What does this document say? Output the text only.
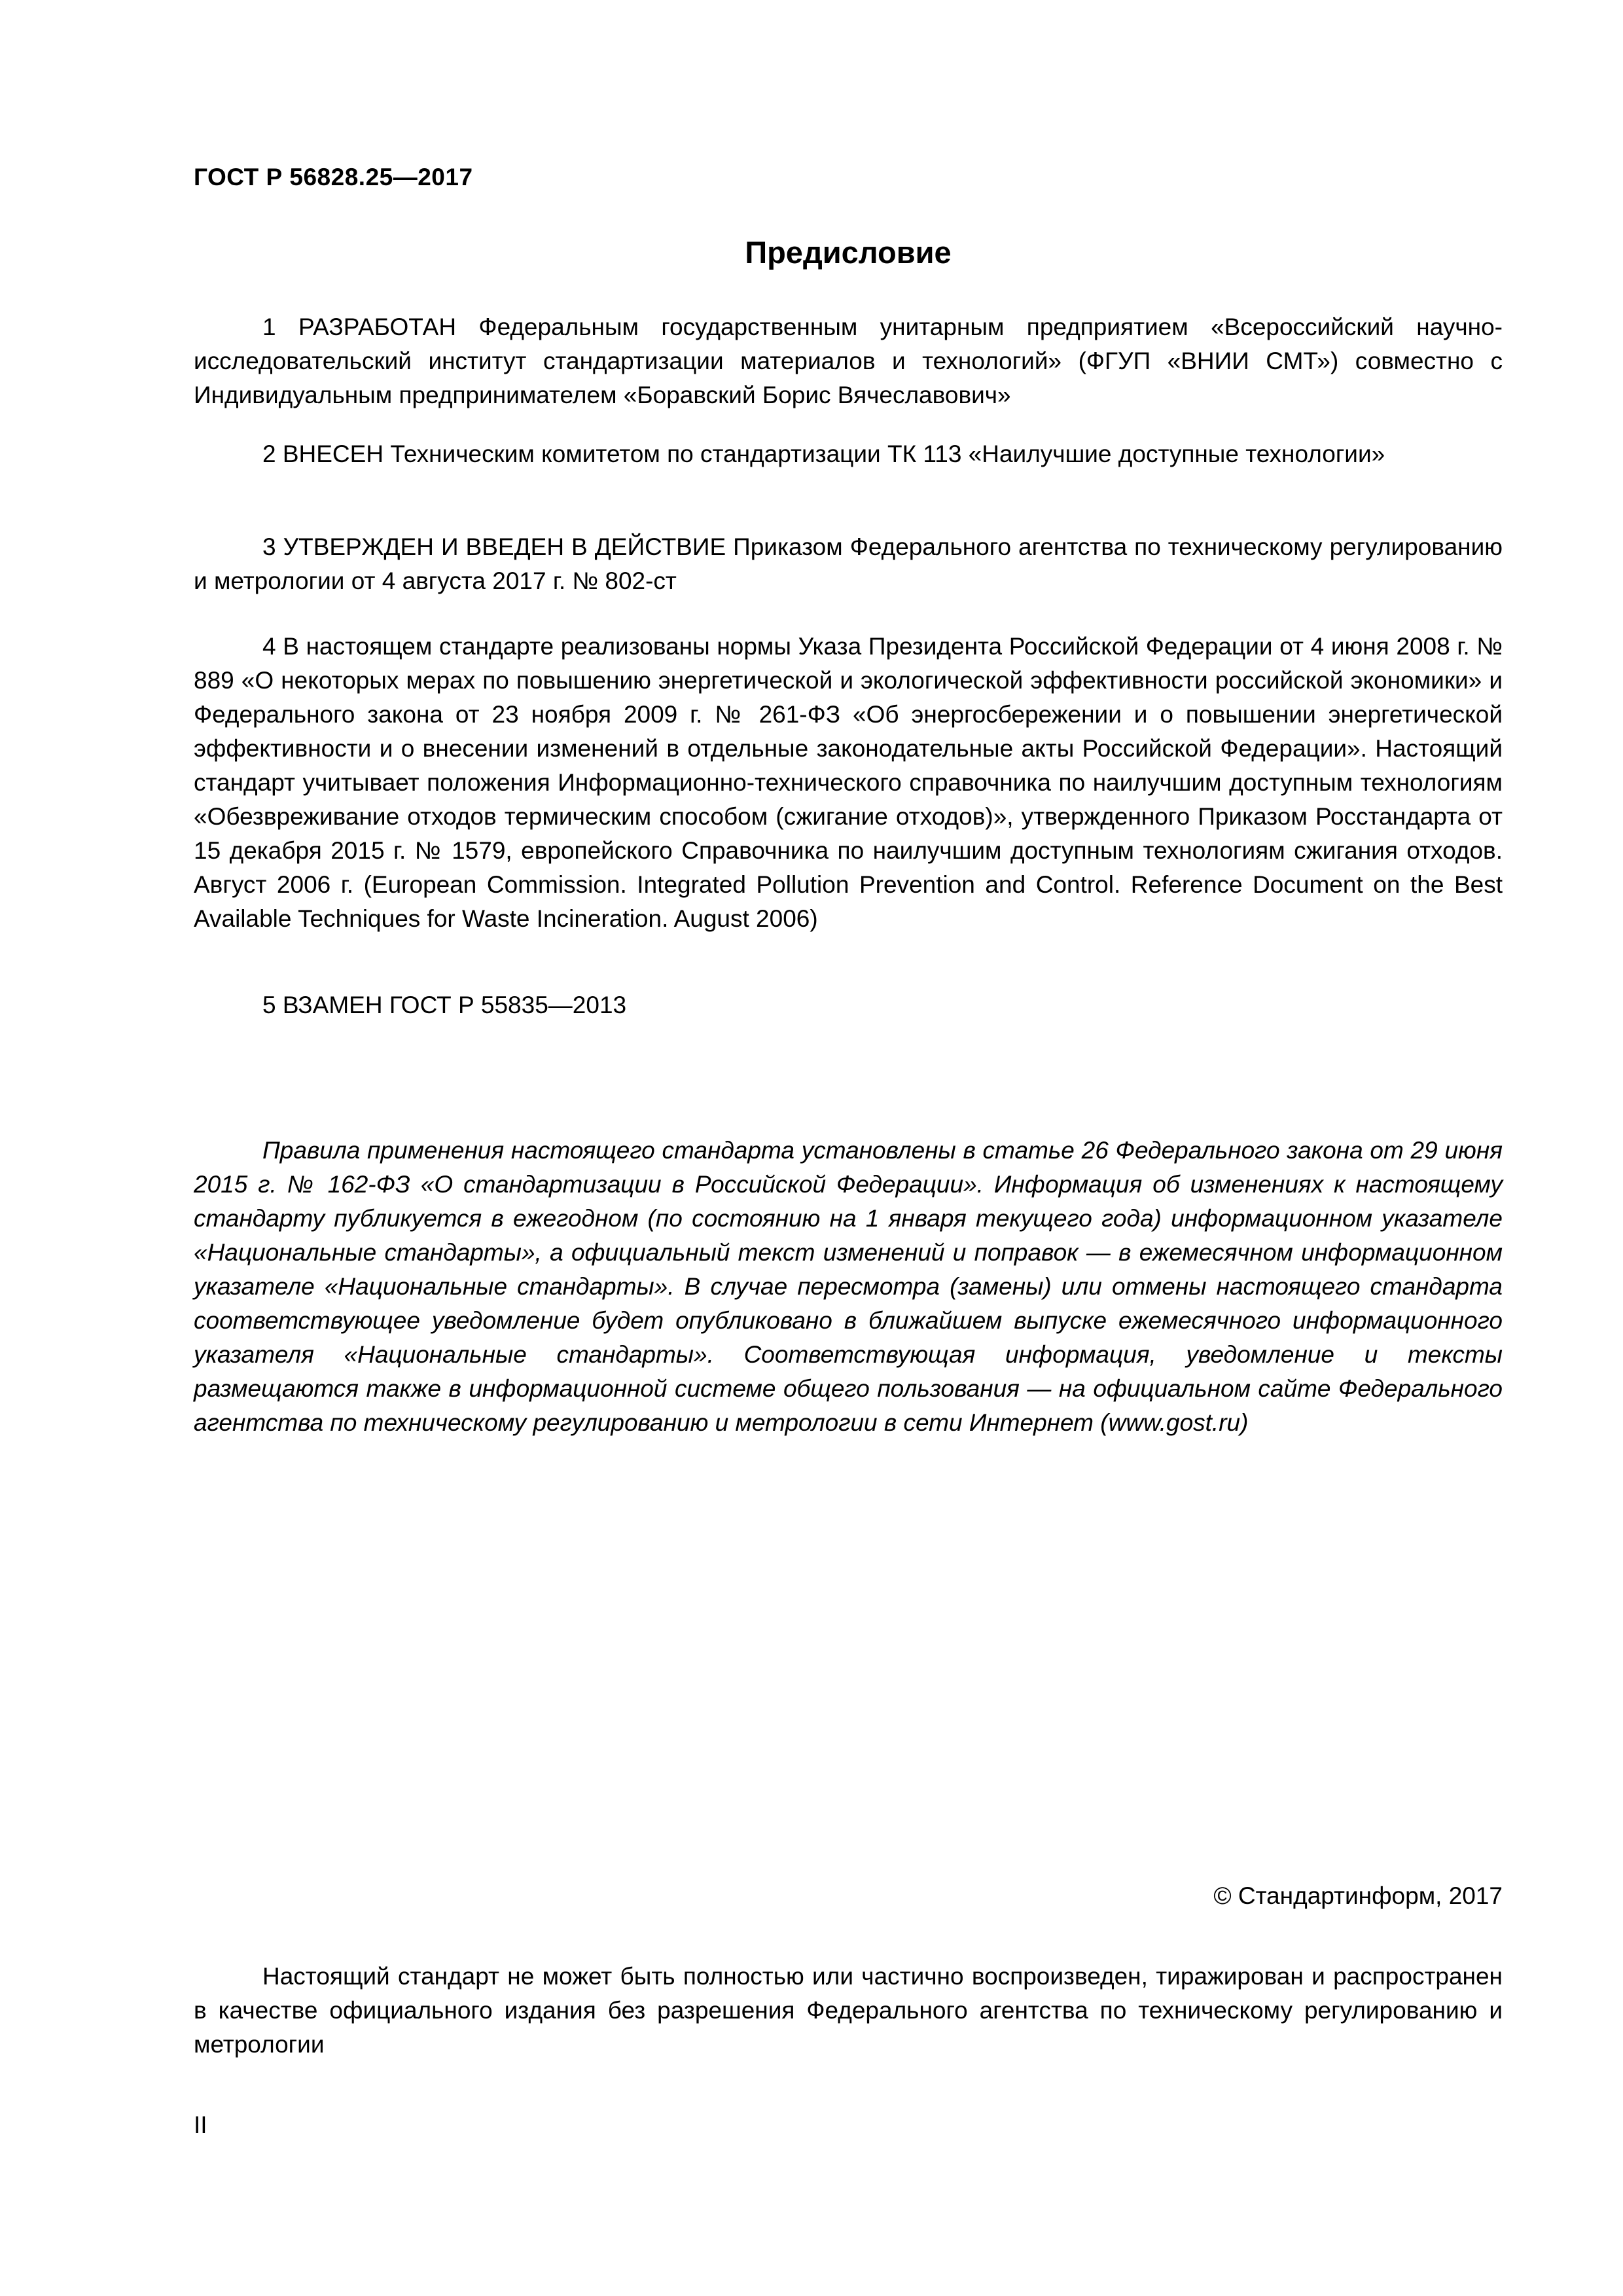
ГОСТ Р 56828.25—2017
Предисловие

1 РАЗРАБОТАН Федеральным государственным унитарным предприятием «Всероссийский научно-исследовательский институт стандартизации материалов и технологий» (ФГУП «ВНИИ СМТ») совместно с Индивидуальным предпринимателем «Боравский Борис Вячеславович»

2 ВНЕСЕН Техническим комитетом по стандартизации ТК 113 «Наилучшие доступные технологии»

3 УТВЕРЖДЕН И ВВЕДЕН В ДЕЙСТВИЕ Приказом Федерального агентства по техническому регулированию и метрологии от 4 августа 2017 г. № 802-ст

4 В настоящем стандарте реализованы нормы Указа Президента Российской Федерации от 4 июня 2008 г. № 889 «О некоторых мерах по повышению энергетической и экологической эффективности российской экономики» и Федерального закона от 23 ноября 2009 г. № 261-ФЗ «Об энергосбережении и о повышении энергетической эффективности и о внесении изменений в отдельные законодательные акты Российской Федерации». Настоящий стандарт учитывает положения Информационно-технического справочника по наилучшим доступным технологиям «Обезвреживание отходов термическим способом (сжигание отходов)», утвержденного Приказом Росстандарта от 15 декабря 2015 г. № 1579, европейского Справочника по наилучшим доступным технологиям сжигания отходов. Август 2006 г. (European Commission. Integrated Pollution Prevention and Control. Reference Document on the Best Available Techniques for Waste Incineration. August 2006)

5 ВЗАМЕН ГОСТ Р 55835—2013

Правила применения настоящего стандарта установлены в статье 26 Федерального закона от 29 июня 2015 г. № 162-ФЗ «О стандартизации в Российской Федерации». Информация об изменениях к настоящему стандарту публикуется в ежегодном (по состоянию на 1 января текущего года) информационном указателе «Национальные стандарты», а официальный текст изменений и поправок — в ежемесячном информационном указателе «Национальные стандарты». В случае пересмотра (замены) или отмены настоящего стандарта соответствующее уведомление будет опубликовано в ближайшем выпуске ежемесячного информационного указателя «Национальные стандарты». Соответствующая информация, уведомление и тексты размещаются также в информационной системе общего пользования — на официальном сайте Федерального агентства по техническому регулированию и метрологии в сети Интернет (www.gost.ru)

© Стандартинформ, 2017

Настоящий стандарт не может быть полностью или частично воспроизведен, тиражирован и распространен в качестве официального издания без разрешения Федерального агентства по техническому регулированию и метрологии

II
